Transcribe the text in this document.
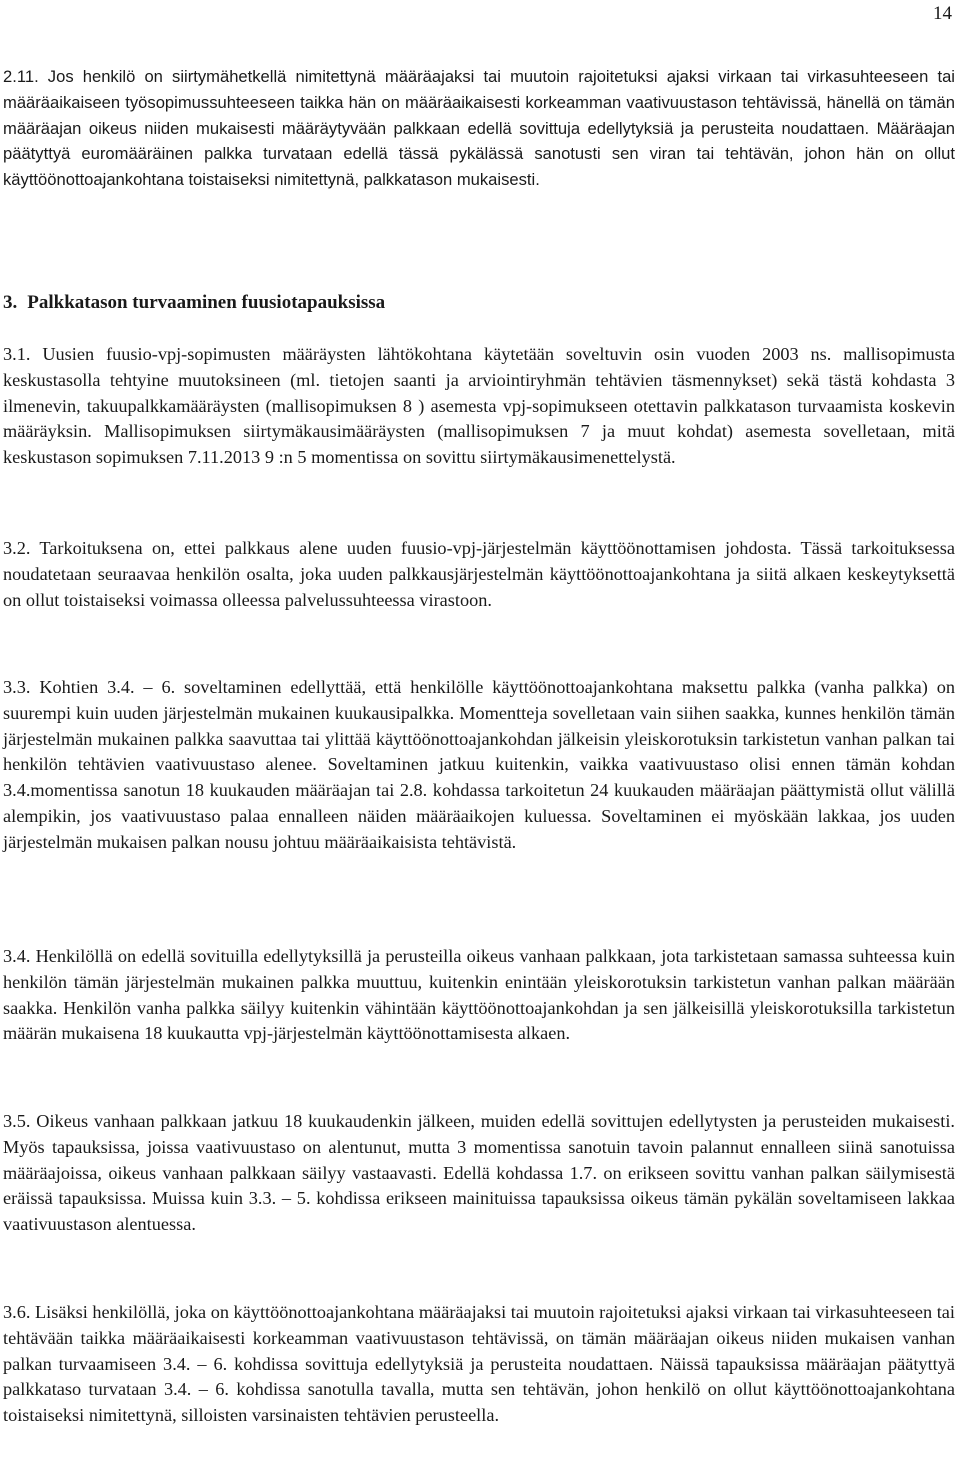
14

2.11. Jos henkilö on siirtymähetkellä nimitettynä määräajaksi tai muutoin rajoitetuksi ajaksi virkaan tai virkasuhteeseen tai määräaikaiseen työsopimussuhteeseen taikka hän on määräaikaisesti korkeamman vaativuustason tehtävissä, hänellä on tämän määräajan oikeus niiden mukaisesti määräytyvään palkkaan edellä sovittuja edellytyksiä ja perusteita noudattaen. Määräajan päätyttyä euromääräinen palkka turvataan edellä tässä pykälässä sanotusti sen viran tai tehtävän, johon hän on ollut käyttöönottoajankohtana toistaiseksi nimitettynä, palkkatason mukaisesti.

3. Palkkatason turvaaminen fuusiotapauksissa

3.1. Uusien fuusio-vpj-sopimusten määräysten lähtökohtana käytetään soveltuvin osin vuoden 2003 ns. mallisopimusta keskustasolla tehtyine muutoksineen (ml. tietojen saanti ja arviointiryhmän tehtävien täsmennykset) sekä tästä kohdasta 3 ilmenevin, takuupalkkamääräysten (mallisopimuksen 8 ) asemesta vpj-sopimukseen otettavin palkkatason turvaamista koskevin määräyksin. Mallisopimuksen siirtymäkausimääräysten (mallisopimuksen 7 ja muut kohdat) asemesta sovelletaan, mitä keskustason sopimuksen 7.11.2013 9 :n 5 momentissa on sovittu siirtymäkausimenettelystä.

3.2. Tarkoituksena on, ettei palkkaus alene uuden fuusio-vpj-järjestelmän käyttöönottamisen johdosta. Tässä tarkoituksessa noudatetaan seuraavaa henkilön osalta, joka uuden palkkausjärjestelmän käyttöönottoajankohtana ja siitä alkaen keskeytyksettä on ollut toistaiseksi voimassa olleessa palvelussuhteessa virastoon.

3.3. Kohtien 3.4. – 6. soveltaminen edellyttää, että henkilölle käyttöönottoajankohtana maksettu palkka (vanha palkka) on suurempi kuin uuden järjestelmän mukainen kuukausipalkka. Momentteja sovelletaan vain siihen saakka, kunnes henkilön tämän järjestelmän mukainen palkka saavuttaa tai ylittää käyttöönottoajankohdan jälkeisin yleiskorotuksin tarkistetun vanhan palkan tai henkilön tehtävien vaativuustaso alenee. Soveltaminen jatkuu kuitenkin, vaikka vaativuustaso olisi ennen tämän kohdan 3.4.momentissa sanotun 18 kuukauden määräajan tai 2.8. kohdassa tarkoitetun 24 kuukauden määräajan päättymistä ollut välillä alempikin, jos vaativuustaso palaa ennalleen näiden määräaikojen kuluessa. Soveltaminen ei myöskään lakkaa, jos uuden järjestelmän mukaisen palkan nousu johtuu määräaikaisista tehtävistä.

3.4. Henkilöllä on edellä sovituilla edellytyksillä ja perusteilla oikeus vanhaan palkkaan, jota tarkistetaan samassa suhteessa kuin henkilön tämän järjestelmän mukainen palkka muuttuu, kuitenkin enintään yleiskorotuksin tarkistetun vanhan palkan määrään saakka. Henkilön vanha palkka säilyy kuitenkin vähintään käyttöönottoajankohdan ja sen jälkeisillä yleiskorotuksilla tarkistetun määrän mukaisena 18 kuukautta vpj-järjestelmän käyttöönottamisesta alkaen.

3.5. Oikeus vanhaan palkkaan jatkuu 18 kuukaudenkin jälkeen, muiden edellä sovittujen edellytysten ja perusteiden mukaisesti. Myös tapauksissa, joissa vaativuustaso on alentunut, mutta 3 momentissa sanotuin tavoin palannut ennalleen siinä sanotuissa määräajoissa, oikeus vanhaan palkkaan säilyy vastaavasti. Edellä kohdassa 1.7. on erikseen sovittu vanhan palkan säilymisestä eräissä tapauksissa. Muissa kuin 3.3. – 5. kohdissa erikseen mainituissa tapauksissa oikeus tämän pykälän soveltamiseen lakkaa vaativuustason alentuessa.

3.6. Lisäksi henkilöllä, joka on käyttöönottoajankohtana määräajaksi tai muutoin rajoitetuksi ajaksi virkaan tai virkasuhteeseen tai tehtävään taikka määräaikaisesti korkeamman vaativuustason tehtävissä, on tämän määräajan oikeus niiden mukaisen vanhan palkan turvaamiseen 3.4. – 6. kohdissa sovittuja edellytyksiä ja perusteita noudattaen. Näissä tapauksissa määräajan päätyttyä palkkataso turvataan 3.4. – 6. kohdissa sanotulla tavalla, mutta sen tehtävän, johon henkilö on ollut käyttöönottoajankohtana toistaiseksi nimitettynä, silloisten varsinaisten tehtävien perusteella.
